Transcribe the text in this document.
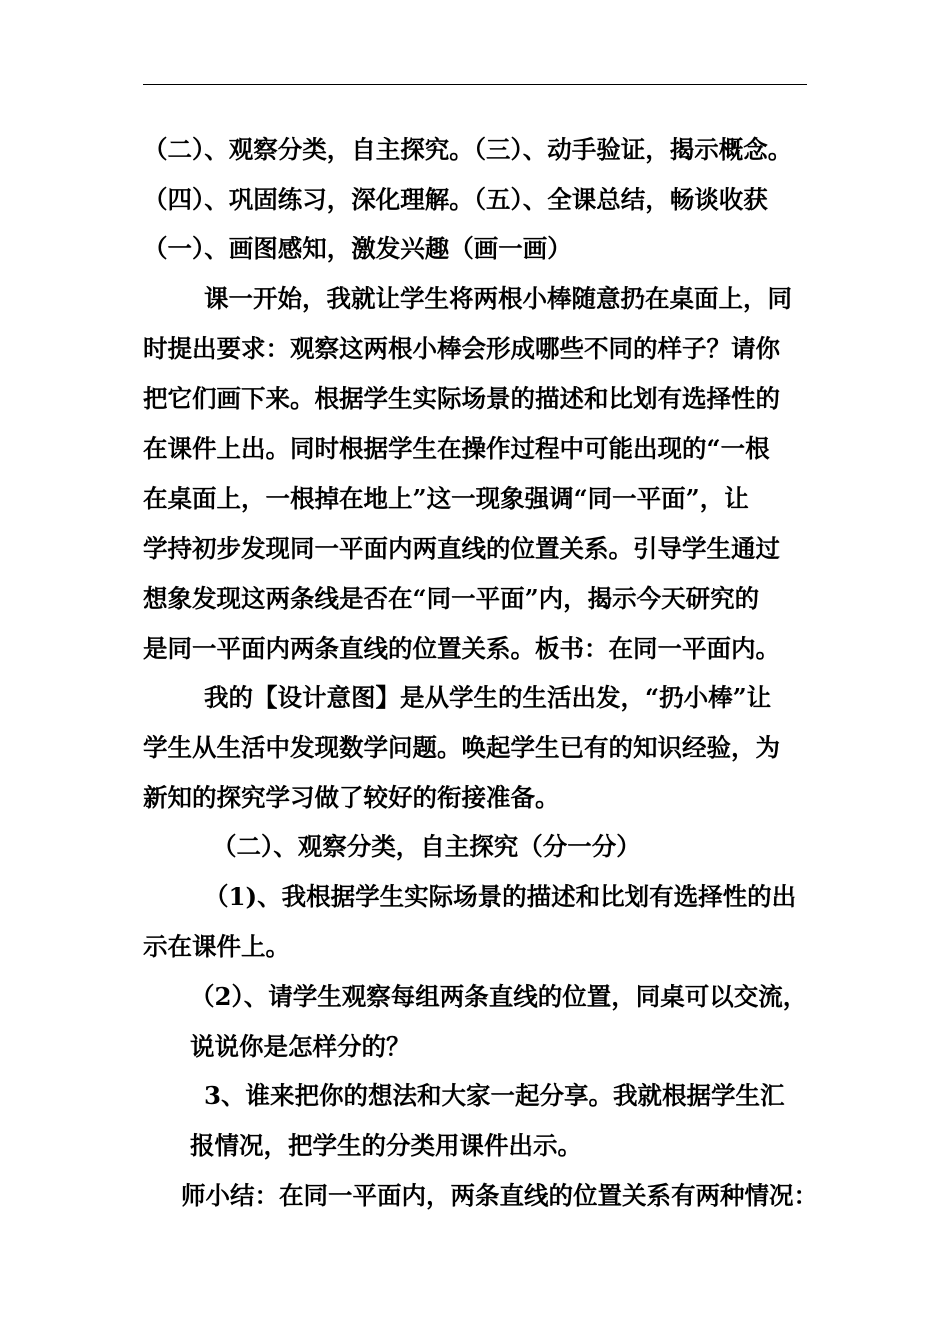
（二）、观察分类，自主探究。（三）、动手验证，揭示概念。
（四）、巩固练习，深化理解。（五）、全课总结，畅谈收获
（一）、画图感知，激发兴趣（画一画）
课一开始，我就让学生将两根小棒随意扔在桌面上，同
时提出要求：观察这两根小棒会形成哪些不同的样子？请你
把它们画下来。根据学生实际场景的描述和比划有选择性的
在课件上出。同时根据学生在操作过程中可能出现的“一根
在桌面上，一根掉在地上”这一现象强调“同一平面”，让
学持初步发现同一平面内两直线的位置关系。引导学生通过
想象发现这两条线是否在“同一平面”内，揭示今天研究的
是同一平面内两条直线的位置关系。板书：在同一平面内。
我的【设计意图】是从学生的生活出发，“扔小棒”让
学生从生活中发现数学问题。唤起学生已有的知识经验，为
新知的探究学习做了较好的衔接准备。
（二）、观察分类，自主探究（分一分）
（1)、我根据学生实际场景的描述和比划有选择性的出
示在课件上。
（2）、请学生观察每组两条直线的位置，同桌可以交流，
说说你是怎样分的？
3、谁来把你的想法和大家一起分享。我就根据学生汇
报情况，把学生的分类用课件出示。
师小结：在同一平面内，两条直线的位置关系有两种情况：
